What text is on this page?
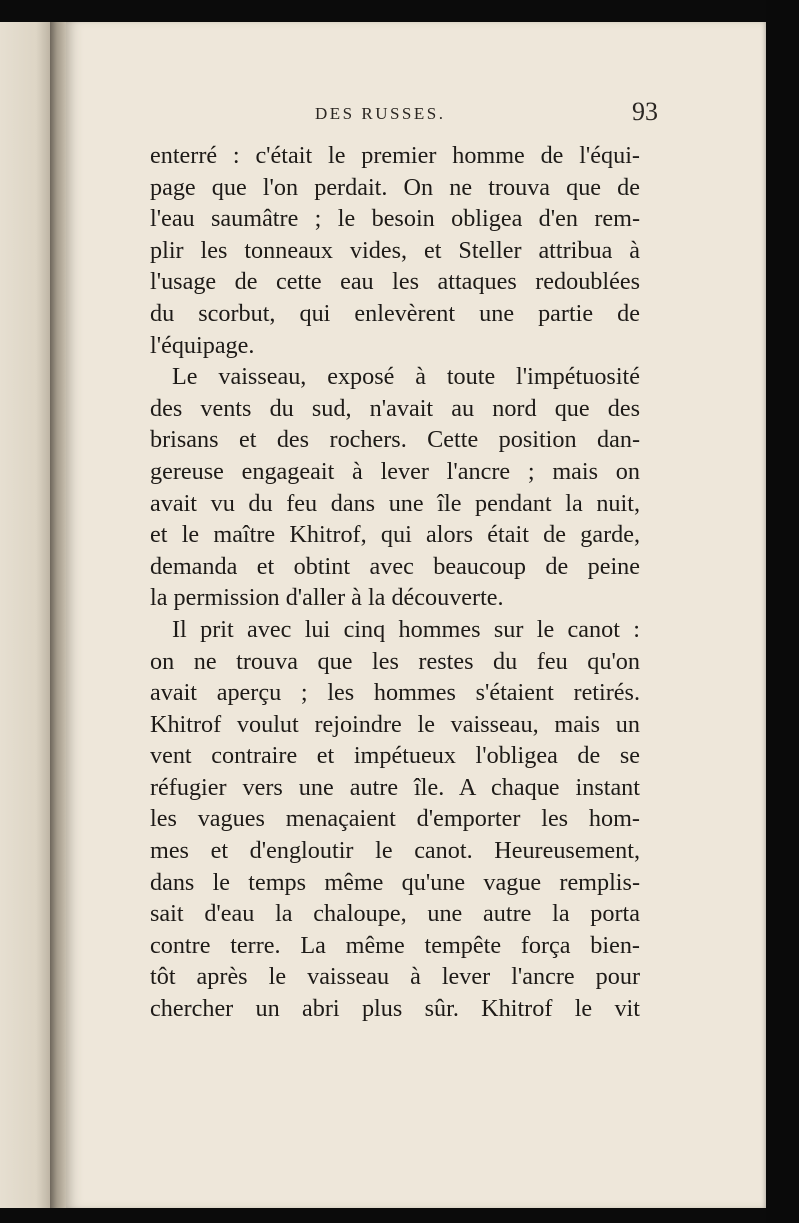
DES RUSSES.	93
enterré : c'était le premier homme de l'équi-
page que l'on perdait. On ne trouva que de
l'eau saumâtre ; le besoin obligea d'en rem-
plir les tonneaux vides, et Steller attribua à
l'usage de cette eau les attaques redoublées
du scorbut, qui enlevèrent une partie de
l'équipage.
Le vaisseau, exposé à toute l'impétuosité
des vents du sud, n'avait au nord que des
brisans et des rochers. Cette position dan-
gereuse engageait à lever l'ancre ; mais on
avait vu du feu dans une île pendant la nuit,
et le maître Khitrof, qui alors était de garde,
demanda et obtint avec beaucoup de peine
la permission d'aller à la découverte.
Il prit avec lui cinq hommes sur le canot :
on ne trouva que les restes du feu qu'on
avait aperçu ; les hommes s'étaient retirés.
Khitrof voulut rejoindre le vaisseau, mais un
vent contraire et impétueux l'obligea de se
réfugier vers une autre île. A chaque instant
les vagues menaçaient d'emporter les hom-
mes et d'engloutir le canot. Heureusement,
dans le temps même qu'une vague remplis-
sait d'eau la chaloupe, une autre la porta
contre terre. La même tempête força bien-
tôt après le vaisseau à lever l'ancre pour
chercher un abri plus sûr. Khitrof le vit
